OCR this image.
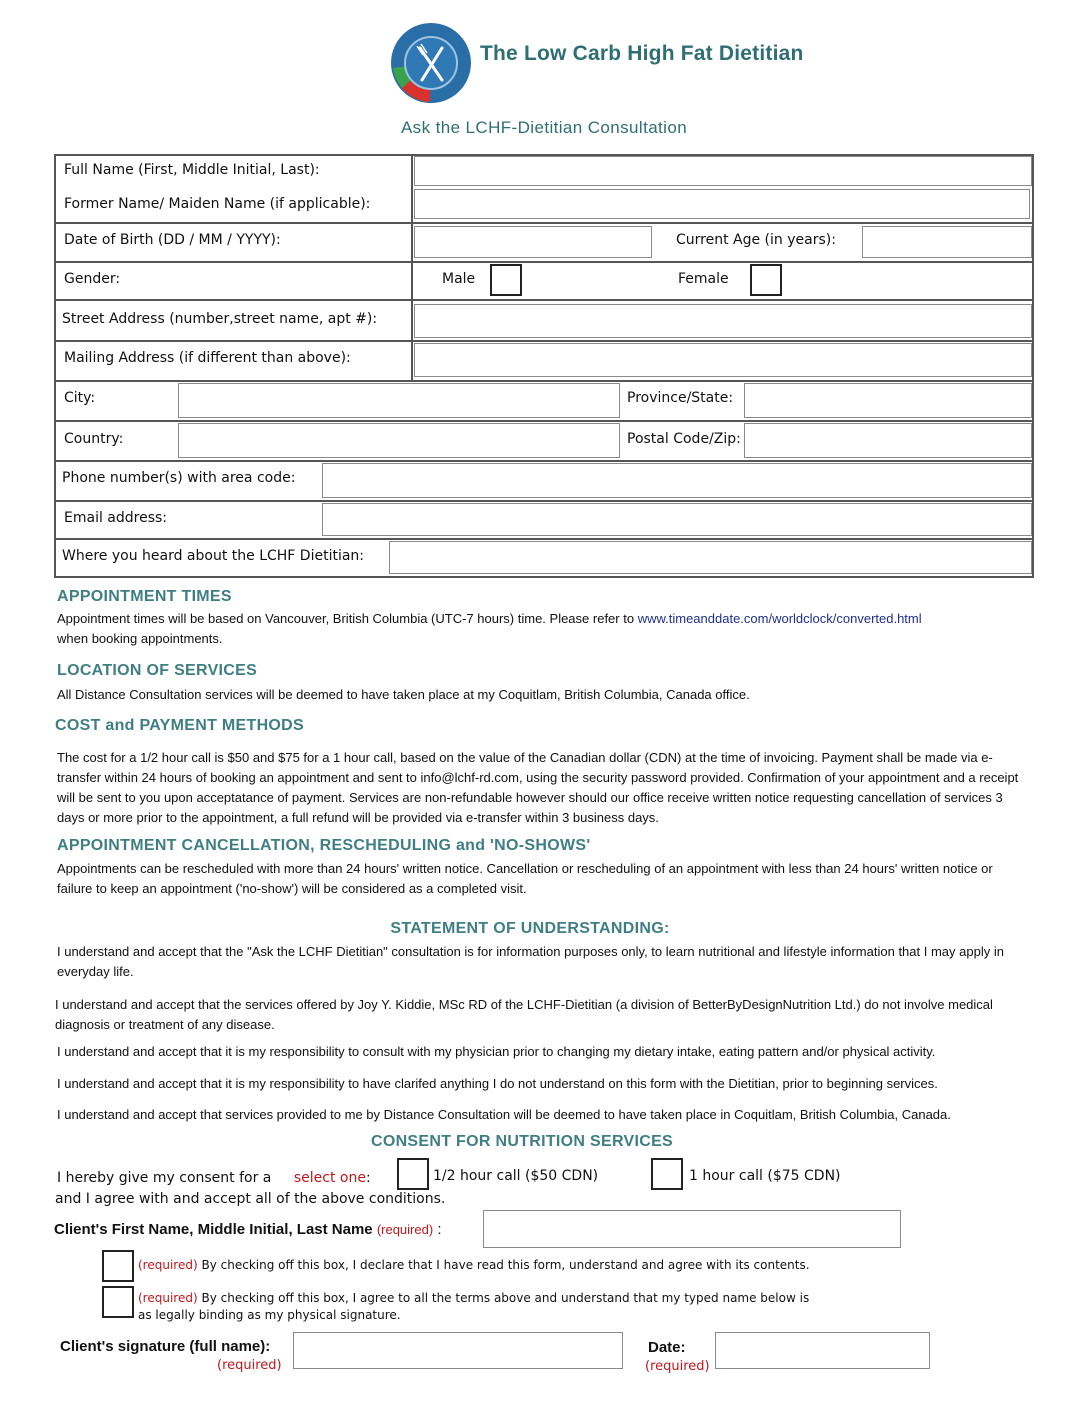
The Low Carb High Fat Dietitian
Ask the LCHF-Dietitian Consultation
Full Name (First, Middle Initial, Last):
Former Name/ Maiden Name (if applicable):
Date of Birth (DD / MM / YYYY):	Current Age (in years):
Gender:	Male	Female
Street Address (number,street name, apt #):
Mailing Address (if different than above):
City:	Province/State:
Country:	Postal Code/Zip:
Phone number(s) with area code:
Email address:
Where you heard about the LCHF Dietitian:
APPOINTMENT TIMES
Appointment times will be based on Vancouver, British Columbia (UTC-7 hours) time. Please refer to www.timeanddate.com/worldclock/converted.html
when booking appointments.
LOCATION OF SERVICES
All Distance Consultation services will be deemed to have taken place at my Coquitlam, British Columbia, Canada office.
COST and PAYMENT METHODS
The cost for a 1/2 hour call is $50 and $75 for a 1 hour call, based on the value of the Canadian dollar (CDN) at the time of invoicing. Payment shall be made via e-transfer within 24 hours of booking an appointment and sent to info@lchf-rd.com, using the security password provided. Confirmation of your appointment and a receipt will be sent to you upon acceptatance of payment. Services are non-refundable however should our office receive written notice requesting cancellation of services 3 days or more prior to the appointment, a full refund will be provided via e-transfer within 3 business days.
APPOINTMENT CANCELLATION, RESCHEDULING and 'NO-SHOWS'
Appointments can be rescheduled with more than 24 hours' written notice. Cancellation or rescheduling of an appointment with less than 24 hours' written notice or failure to keep an appointment ('no-show') will be considered as a completed visit.
STATEMENT OF UNDERSTANDING:
I understand and accept that the "Ask the LCHF Dietitian" consultation is for information purposes only, to learn nutritional and lifestyle information that I may apply in everyday life.
I understand and accept that the services offered by Joy Y. Kiddie, MSc RD of the LCHF-Dietitian (a division of BetterByDesignNutrition Ltd.) do not involve medical diagnosis or treatment of any disease.
I understand and accept that it is my responsibility to consult with my physician prior to changing my dietary intake, eating pattern and/or physical activity.
I understand and accept that it is my responsibility to have clarifed anything I do not understand on this form with the Dietitian, prior to beginning services.
I understand and accept that services provided to me by Distance Consultation will be deemed to have taken place in Coquitlam, British Columbia, Canada.
CONSENT FOR NUTRITION SERVICES
I hereby give my consent for a select one:	1/2 hour call ($50 CDN)	1 hour call ($75 CDN)
and I agree with and accept all of the above conditions.
Client's First Name, Middle Initial, Last Name (required) :
(required) By checking off this box, I declare that I have read this form, understand and agree with its contents.
(required) By checking off this box, I agree to all the terms above and understand that my typed name below is
as legally binding as my physical signature.
Client's signature (full name):
(required)
Date:
(required)
